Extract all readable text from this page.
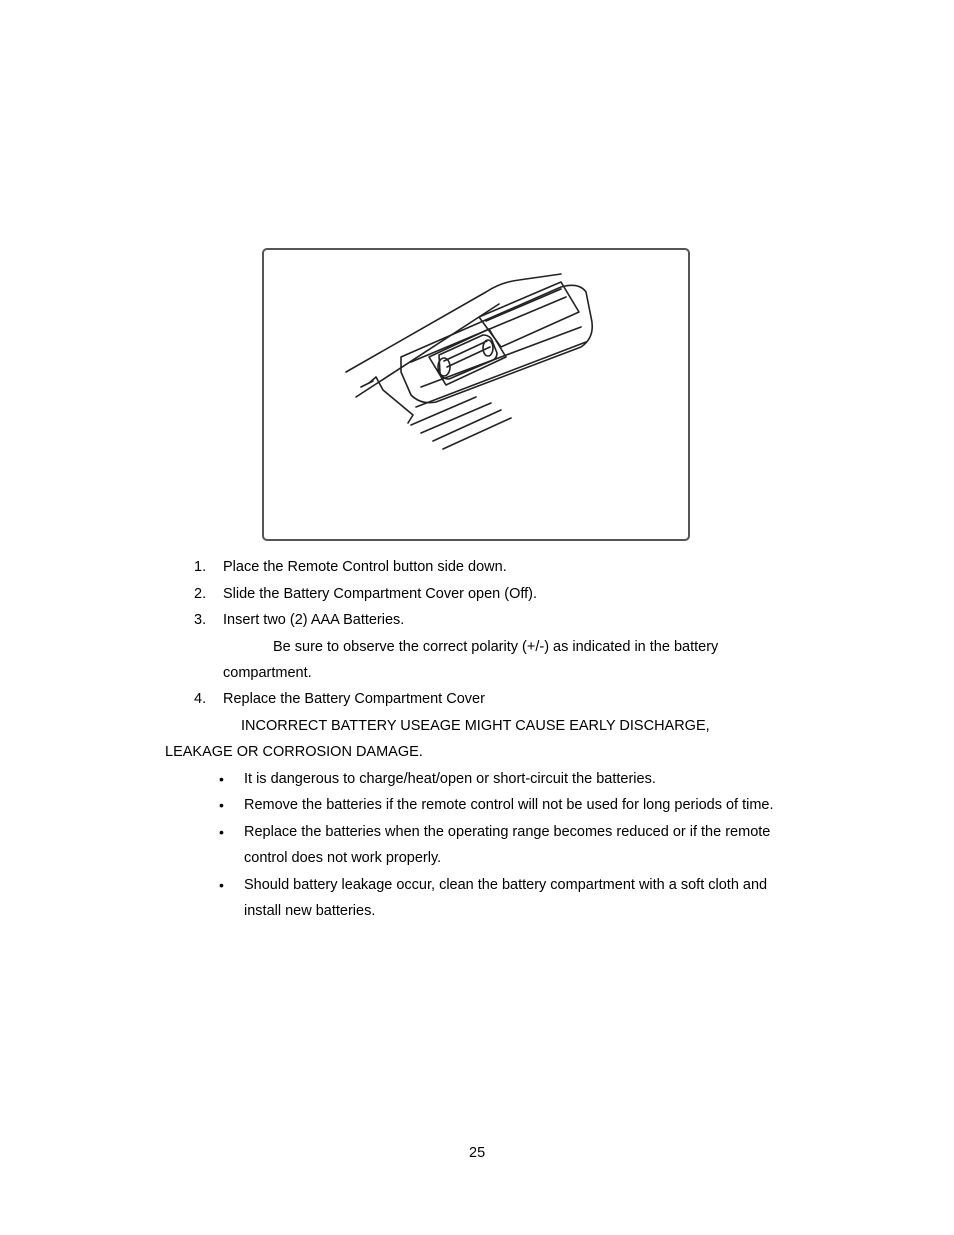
1. Place the Remote Control button side down.
2. Slide the Battery Compartment Cover open (Off).
3. Insert two (2) AAA Batteries.
Be sure to observe the correct polarity (+/-) as indicated in the battery
compartment.
4. Replace the Battery Compartment Cover
INCORRECT BATTERY USEAGE MIGHT CAUSE EARLY DISCHARGE,
LEAKAGE OR CORROSION DAMAGE.
• It is dangerous to charge/heat/open or short-circuit the batteries.
• Remove the batteries if the remote control will not be used for long periods of time.
• Replace the batteries when the operating range becomes reduced or if the remote
control does not work properly.
• Should battery leakage occur, clean the battery compartment with a soft cloth and
install new batteries.
25
